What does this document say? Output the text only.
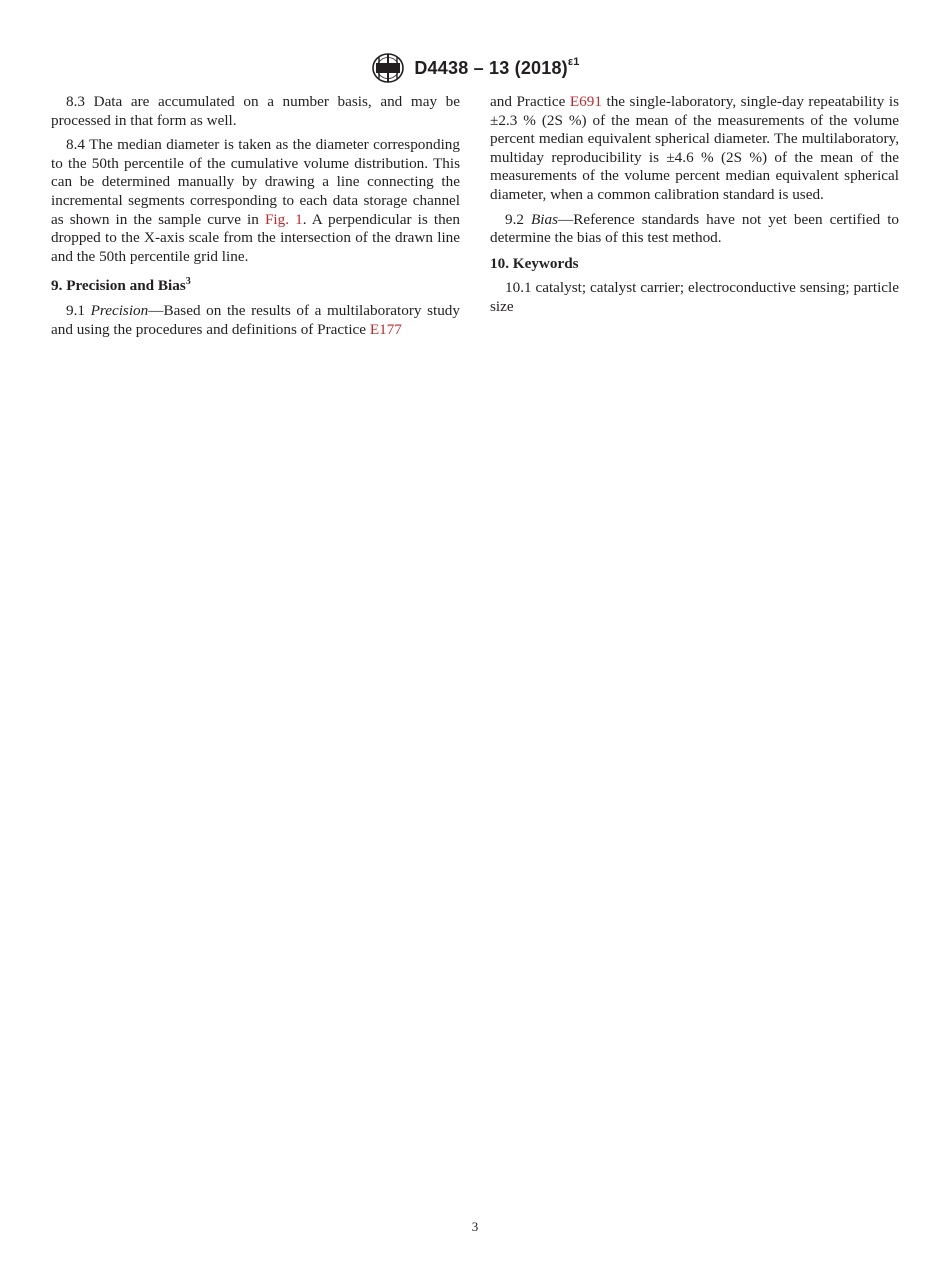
D4438 – 13 $(2018)^{\varepsilon 1}$

8.3 Data are accumulated on a number basis, and may be processed in that form as well.

8.4 The median diameter is taken as the diameter corresponding to the 50th percentile of the cumulative volume distribution. This can be determined manually by drawing a line connecting the incremental segments corresponding to each data storage channel as shown in the sample curve in Fig. 1. A perpendicular is then dropped to the X-axis scale from the intersection of the drawn line and the 50th percentile grid line.

9. Precision and Bias$^3$

9.1 Precision—Based on the results of a multilaboratory study and using the procedures and definitions of Practice E177

and Practice E691 the single-laboratory, single-day repeatability is ±2.3 % (2S %) of the mean of the measurements of the volume percent median equivalent spherical diameter. The multilaboratory, multiday reproducibility is ±4.6 % (2S %) of the mean of the measurements of the volume percent median equivalent spherical diameter, when a common calibration standard is used.

9.2 Bias—Reference standards have not yet been certified to determine the bias of this test method.

10. Keywords

10.1 catalyst; catalyst carrier; electroconductive sensing; particle size

3
